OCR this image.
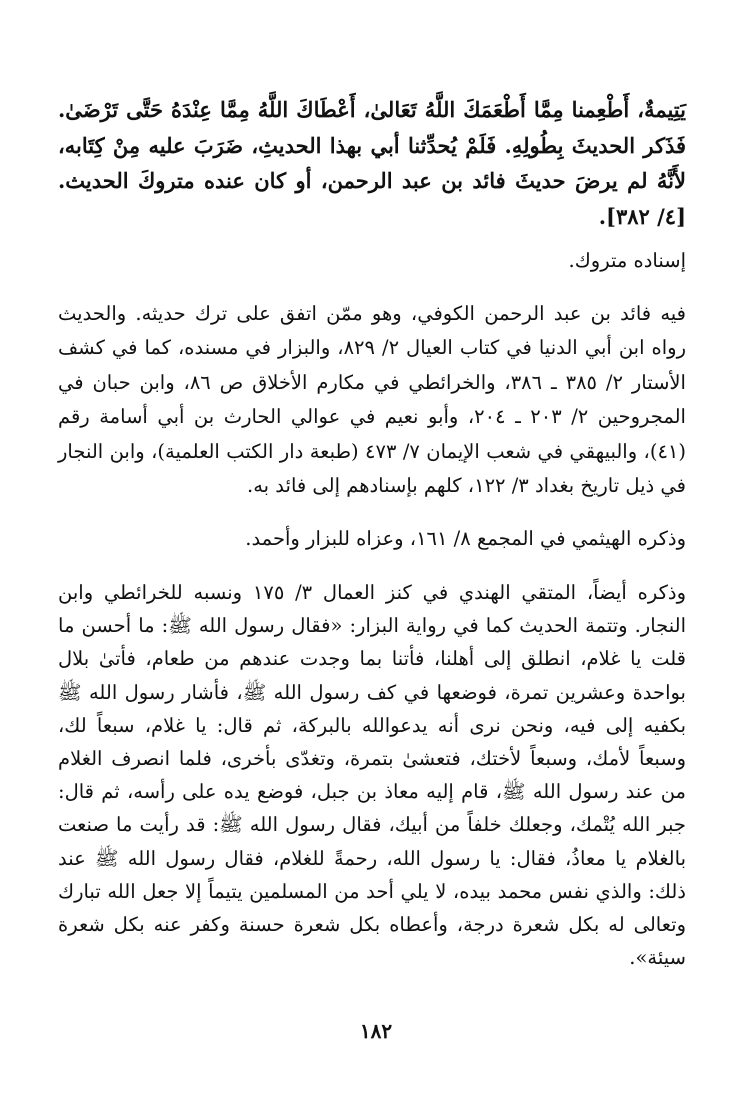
يَتِيمةٌ، أَطْعِمنا مِمَّا أَطْعَمَكَ اللَّهُ تَعَالىٰ، أَعْطَاكَ اللَّهُ مِمَّا عِنْدَهُ حَتَّى تَرْضَىٰ. فَذَكر الحديثَ بِطُولِهِ. فَلَمْ يُحدِّثنا أبي بهذا الحديثِ، ضَرَبَ عليه مِنْ كِتَابه، لأَنَّهُ لم يرضَ حديثَ فائد بن عبد الرحمن، أو كان عنده متروكَ الحديث. [٤/ ٣٨٢].

إسناده متروك.

فيه فائد بن عبد الرحمن الكوفي، وهو ممّن اتفق على ترك حديثه. والحديث رواه ابن أبي الدنيا في كتاب العيال ٢/ ٨٢٩، والبزار في مسنده، كما في كشف الأستار ٢/ ٣٨٥ ـ ٣٨٦، والخرائطي في مكارم الأخلاق ص ٨٦، وابن حبان في المجروحين ٢/ ٢٠٣ ـ ٢٠٤، وأبو نعيم في عوالي الحارث بن أبي أسامة رقم (٤١)، والبيهقي في شعب الإيمان ٧/ ٤٧٣ (طبعة دار الكتب العلمية)، وابن النجار في ذيل تاريخ بغداد ٣/ ١٢٢، كلهم بإسنادهم إلى فائد به.

وذكره الهيثمي في المجمع ٨/ ١٦١، وعزاه للبزار وأحمد.

وذكره أيضاً، المتقي الهندي في كنز العمال ٣/ ١٧٥ ونسبه للخرائطي وابن النجار. وتتمة الحديث كما في رواية البزار: «فقال رسول الله ﷺ: ما أحسن ما قلت يا غلام، انطلق إلى أهلنا، فأتنا بما وجدت عندهم من طعام، فأتىٰ بلال بواحدة وعشرين تمرة، فوضعها في كف رسول الله ﷺ، فأشار رسول الله ﷺ بكفيه إلى فيه، ونحن نرى أنه يدعوالله بالبركة، ثم قال: يا غلام، سبعاً لك، وسبعاً لأمك، وسبعاً لأختك، فتعشىٰ بتمرة، وتغدّى بأخرى، فلما انصرف الغلام من عند رسول الله ﷺ، قام إليه معاذ بن جبل، فوضع يده على رأسه، ثم قال: جبر الله يُتْمك، وجعلك خلفاً من أبيك، فقال رسول الله ﷺ: قد رأيت ما صنعت بالغلام يا معاذُ، فقال: يا رسول الله، رحمةً للغلام، فقال رسول الله ﷺ عند ذلك: والذي نفس محمد بيده، لا يلي أحد من المسلمين يتيماً إلا جعل الله تبارك وتعالى له بكل شعرة درجة، وأعطاه بكل شعرة حسنة وكفر عنه بكل شعرة سيئة».

١٨٢
